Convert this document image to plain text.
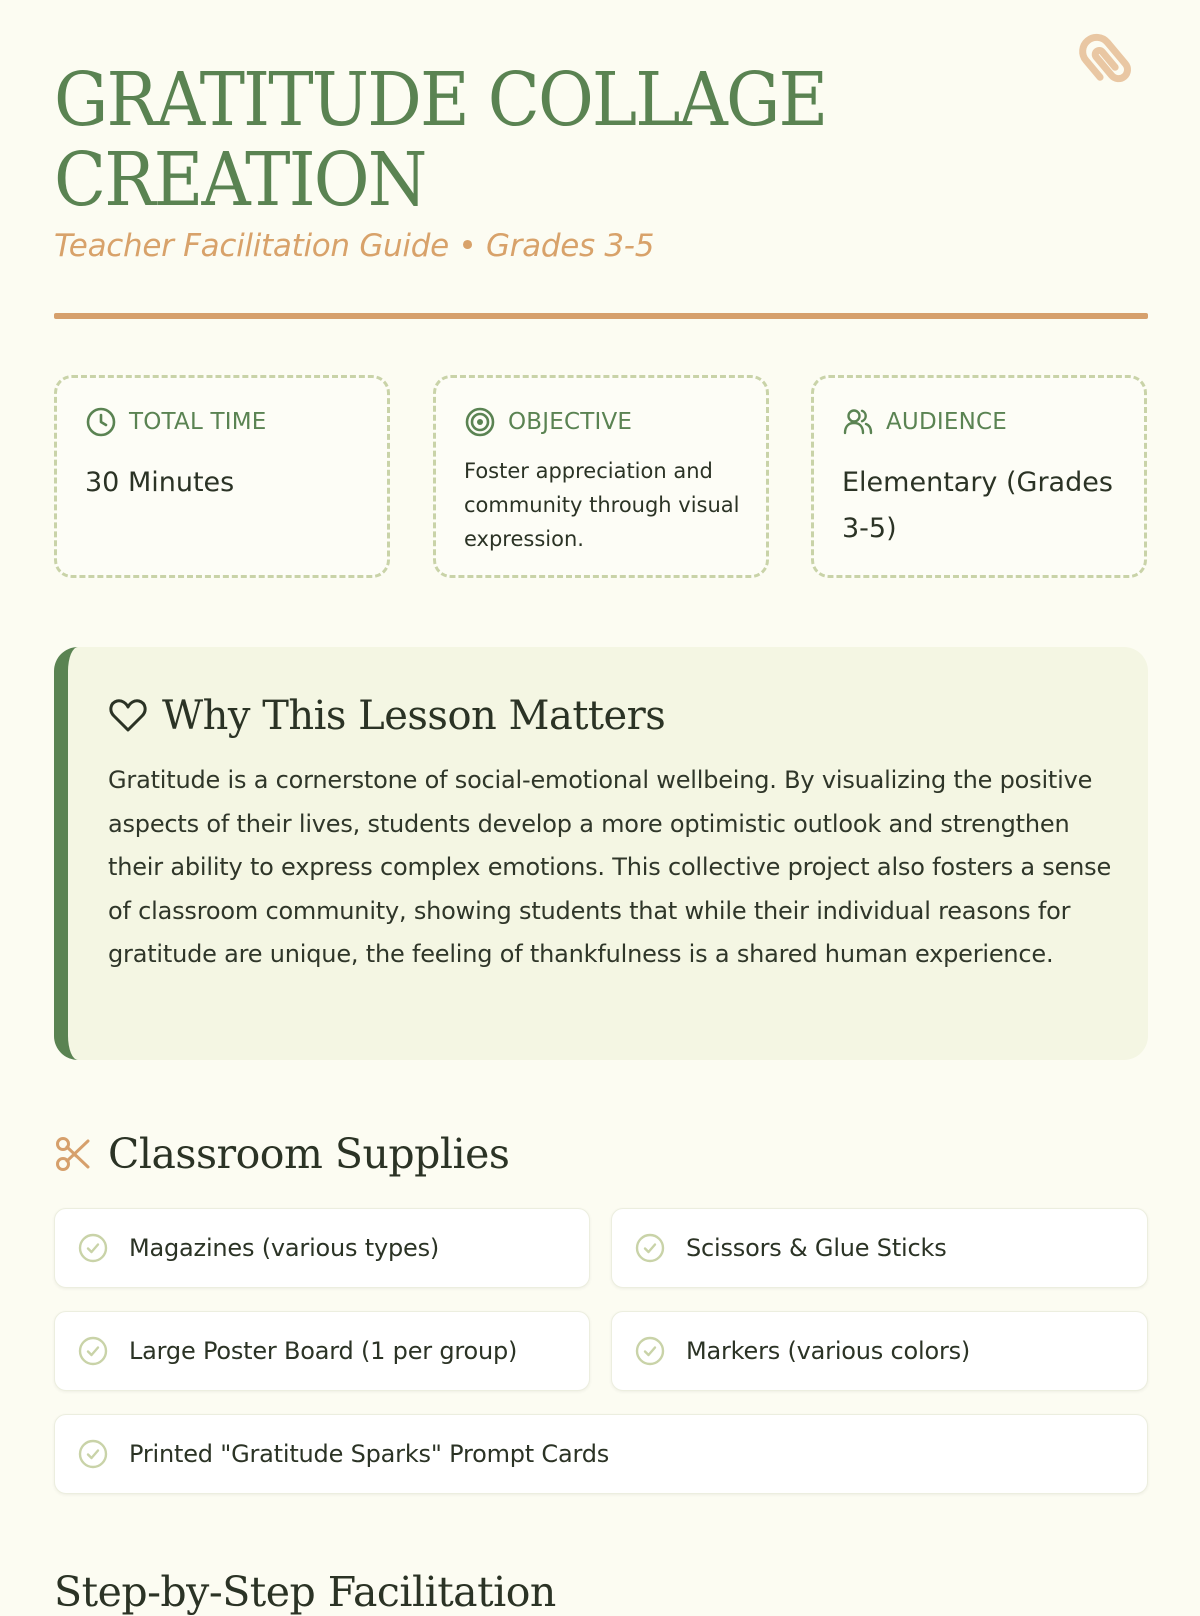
GRATITUDE COLLAGE
CREATION
Teacher Facilitation Guide • Grades 3-5
TOTAL TIME
30 Minutes
OBJECTIVE
Foster appreciation and community through visual expression.
AUDIENCE
Elementary (Grades 3-5)
Why This Lesson Matters
Gratitude is a cornerstone of social-emotional wellbeing. By visualizing the positive aspects of their lives, students develop a more optimistic outlook and strengthen their ability to express complex emotions. This collective project also fosters a sense of classroom community, showing students that while their individual reasons for gratitude are unique, the feeling of thankfulness is a shared human experience.
Classroom Supplies
Magazines (various types)	Scissors & Glue Sticks
Large Poster Board (1 per group)	Markers (various colors)
Printed "Gratitude Sparks" Prompt Cards
Step-by-Step Facilitation
